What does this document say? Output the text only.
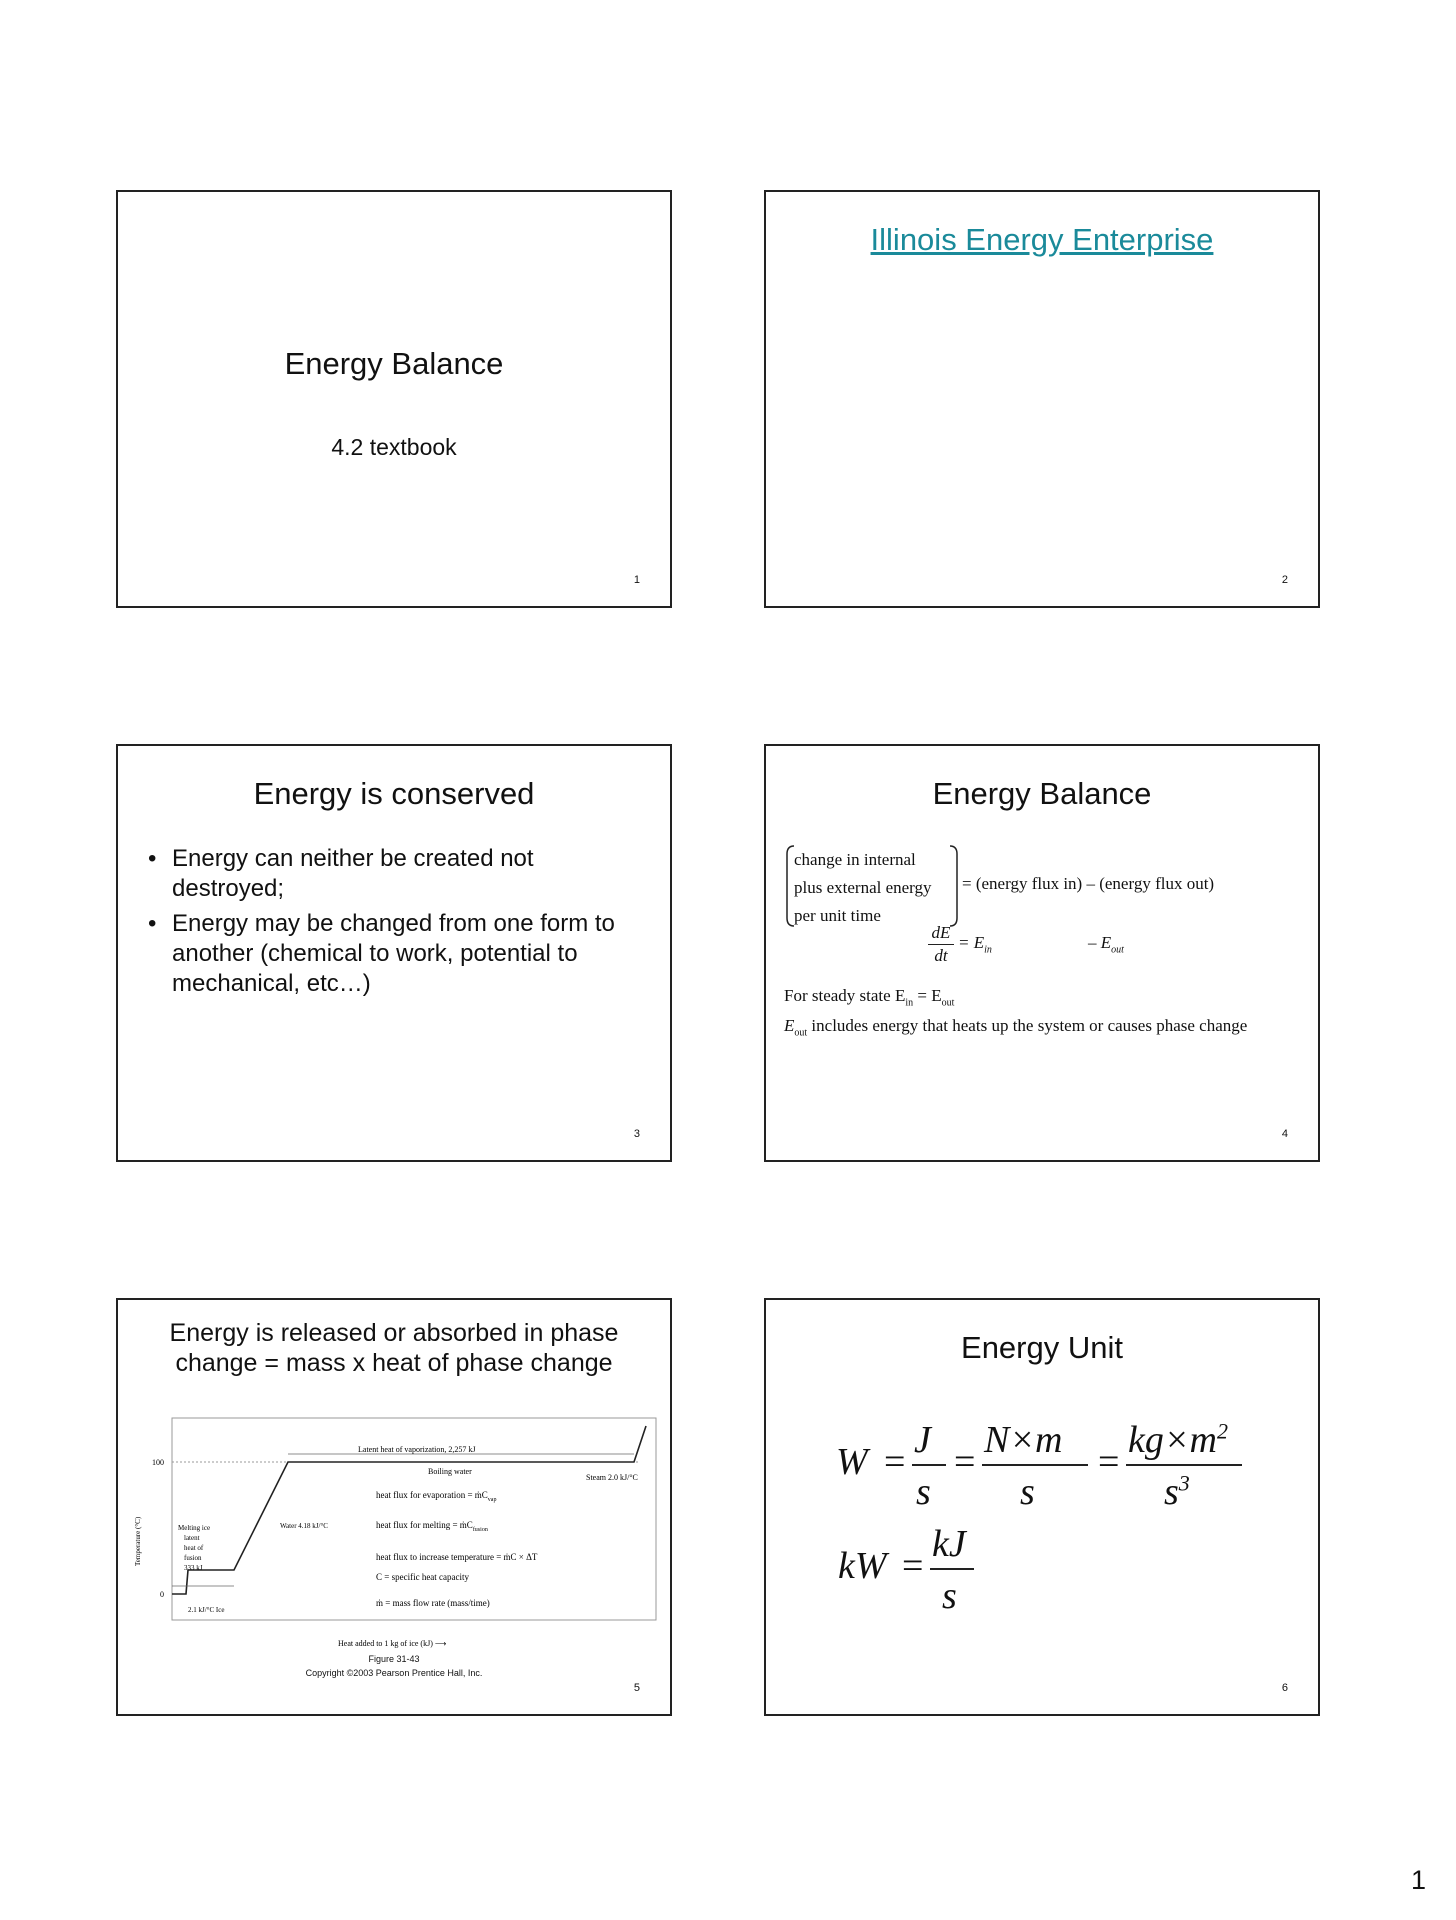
Energy Balance
4.2 textbook
1
Illinois Energy Enterprise
2
Energy is conserved
• Energy can neither be created not destroyed;
• Energy may be changed from one form to another (chemical to work, potential to mechanical, etc…)
3
Energy Balance
change in internal
plus external energy
per unit time
= (energy flux in) – (energy flux out)
dE
dt
= $E_{in}$	– $E_{out}$
For steady state $E_{in} = E_{out}$
$E_{out}$ includes energy that heats up the system or causes phase change
4
Energy is released or absorbed in phase change = mass x heat of phase change
Latent heat of vaporization, 2,257 kJ
Boiling water
Steam 2.0 kJ/°C
100
0
Temperature (°C)	Melting ice
latent
heat of
fusion
333 kJ
Water 4.18 kJ/°C
2.1 kJ/°C Ice
heat flux for evaporation = ṁC$_{vap}$
heat flux for melting = ṁC$_{fusion}$
heat flux to increase temperature = ṁC × ΔT
C = specific heat capacity
ṁ = mass flow rate (mass/time)
Heat added to 1 kg of ice (kJ) ⟶
Figure 31-43
Copyright ©2003 Pearson Prentice Hall, Inc.
5
Energy Unit
W =
J
s
=
N×m
s
=
$kg\times m^2$
$s^3$
kW =
kJ
s
6
1
